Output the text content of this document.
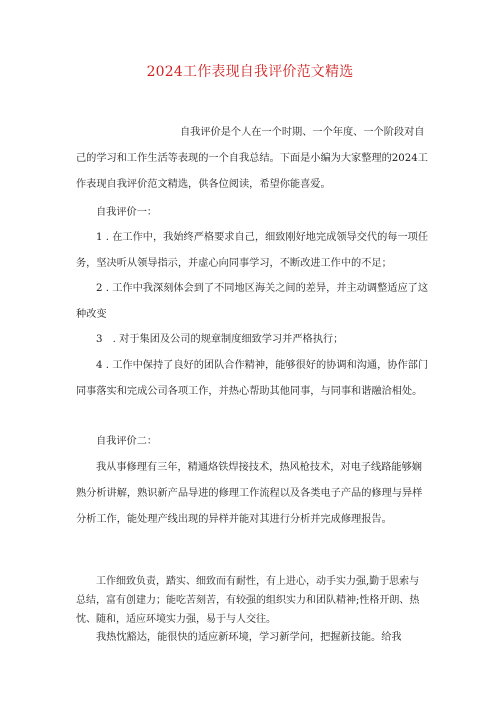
2024工作表现自我评价范文精选

自我评价是个人在一个时期、一个年度、一个阶段对自己的学习和工作生活等表现的一个自我总结。下面是小编为大家整理的2024工作表现自我评价范文精选，供各位阅读，希望你能喜爱。

自我评价一：

1 . 在工作中，我始终严格要求自己，细致刚好地完成领导交代的每一项任务，坚决听从领导指示，并虚心向同事学习，不断改进工作中的不足；

2 . 工作中我深刻体会到了不同地区海关之间的差异，并主动调整适应了这种改变

3　. 对于集团及公司的规章制度细致学习并严格执行；

4 . 工作中保持了良好的团队合作精神，能够很好的协调和沟通，协作部门同事落实和完成公司各项工作，并热心帮助其他同事，与同事和谐融洽相处。

自我评价二：

我从事修理有三年，精通烙铁焊接技术，热风枪技术，对电子线路能够娴熟分析讲解，熟识新产品导进的修理工作流程以及各类电子产品的修理与异样分析工作，能处理产线出现的异样并能对其进行分析并完成修理报告。

工作细致负责，踏实、细致而有耐性，有上进心，动手实力强,勤于思索与总结，富有创建力；能吃苦刻苦，有较强的组织实力和团队精神;性格开朗、热忱、随和，适应环境实力强，易于与人交往。

我热忱豁达，能很快的适应新环境，学习新学问，把握新技能。给我
